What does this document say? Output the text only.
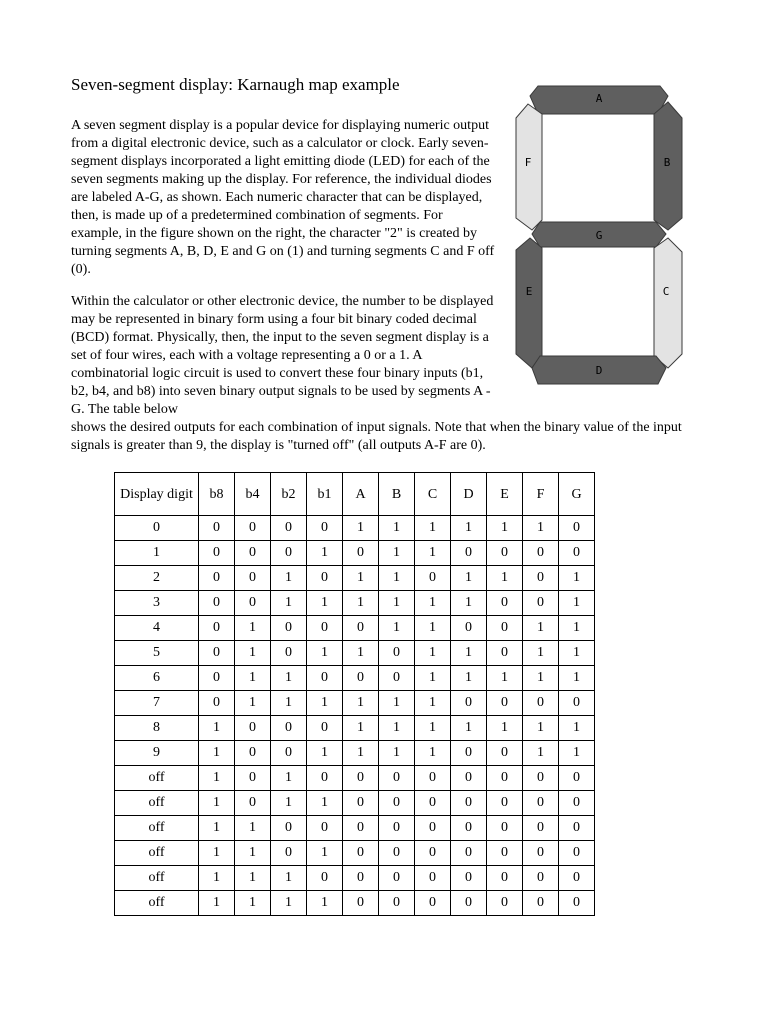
Seven-segment display: Karnaugh map example

A seven segment display is a popular device for displaying numeric output from a digital electronic device, such as a calculator or clock. Early seven-segment displays incorporated a light emitting diode (LED) for each of the seven segments making up the display. For reference, the individual diodes are labeled A-G, as shown. Each numeric character that can be displayed, then, is made up of a predetermined combination of segments. For example, in the figure shown on the right, the character "2" is created by turning segments A, B, D, E and G on (1) and turning segments C and F off (0).

Within the calculator or other electronic device, the number to be displayed may be represented in binary form using a four bit binary coded decimal (BCD) format. Physically, then, the input to the seven segment display is a set of four wires, each with a voltage representing a 0 or a 1. A combinatorial logic circuit is used to convert these four binary inputs (b1, b2, b4, and b8) into seven binary output signals to be used by segments A - G. The table below

shows the desired outputs for each combination of input signals. Note that when the binary value of the input signals is greater than 9, the display is "turned off" (all outputs A-F are 0).

A
B
C
D
E
F
G
Display digit	b8	b4	b2	b1	A	B	C	D	E	F	G
0	0	0	0	0	1	1	1	1	1	1	0
1	0	0	0	1	0	1	1	0	0	0	0
2	0	0	1	0	1	1	0	1	1	0	1
3	0	0	1	1	1	1	1	1	0	0	1
4	0	1	0	0	0	1	1	0	0	1	1
5	0	1	0	1	1	0	1	1	0	1	1
6	0	1	1	0	0	0	1	1	1	1	1
7	0	1	1	1	1	1	1	0	0	0	0
8	1	0	0	0	1	1	1	1	1	1	1
9	1	0	0	1	1	1	1	0	0	1	1
off	1	0	1	0	0	0	0	0	0	0	0
off	1	0	1	1	0	0	0	0	0	0	0
off	1	1	0	0	0	0	0	0	0	0	0
off	1	1	0	1	0	0	0	0	0	0	0
off	1	1	1	0	0	0	0	0	0	0	0
off	1	1	1	1	0	0	0	0	0	0	0
